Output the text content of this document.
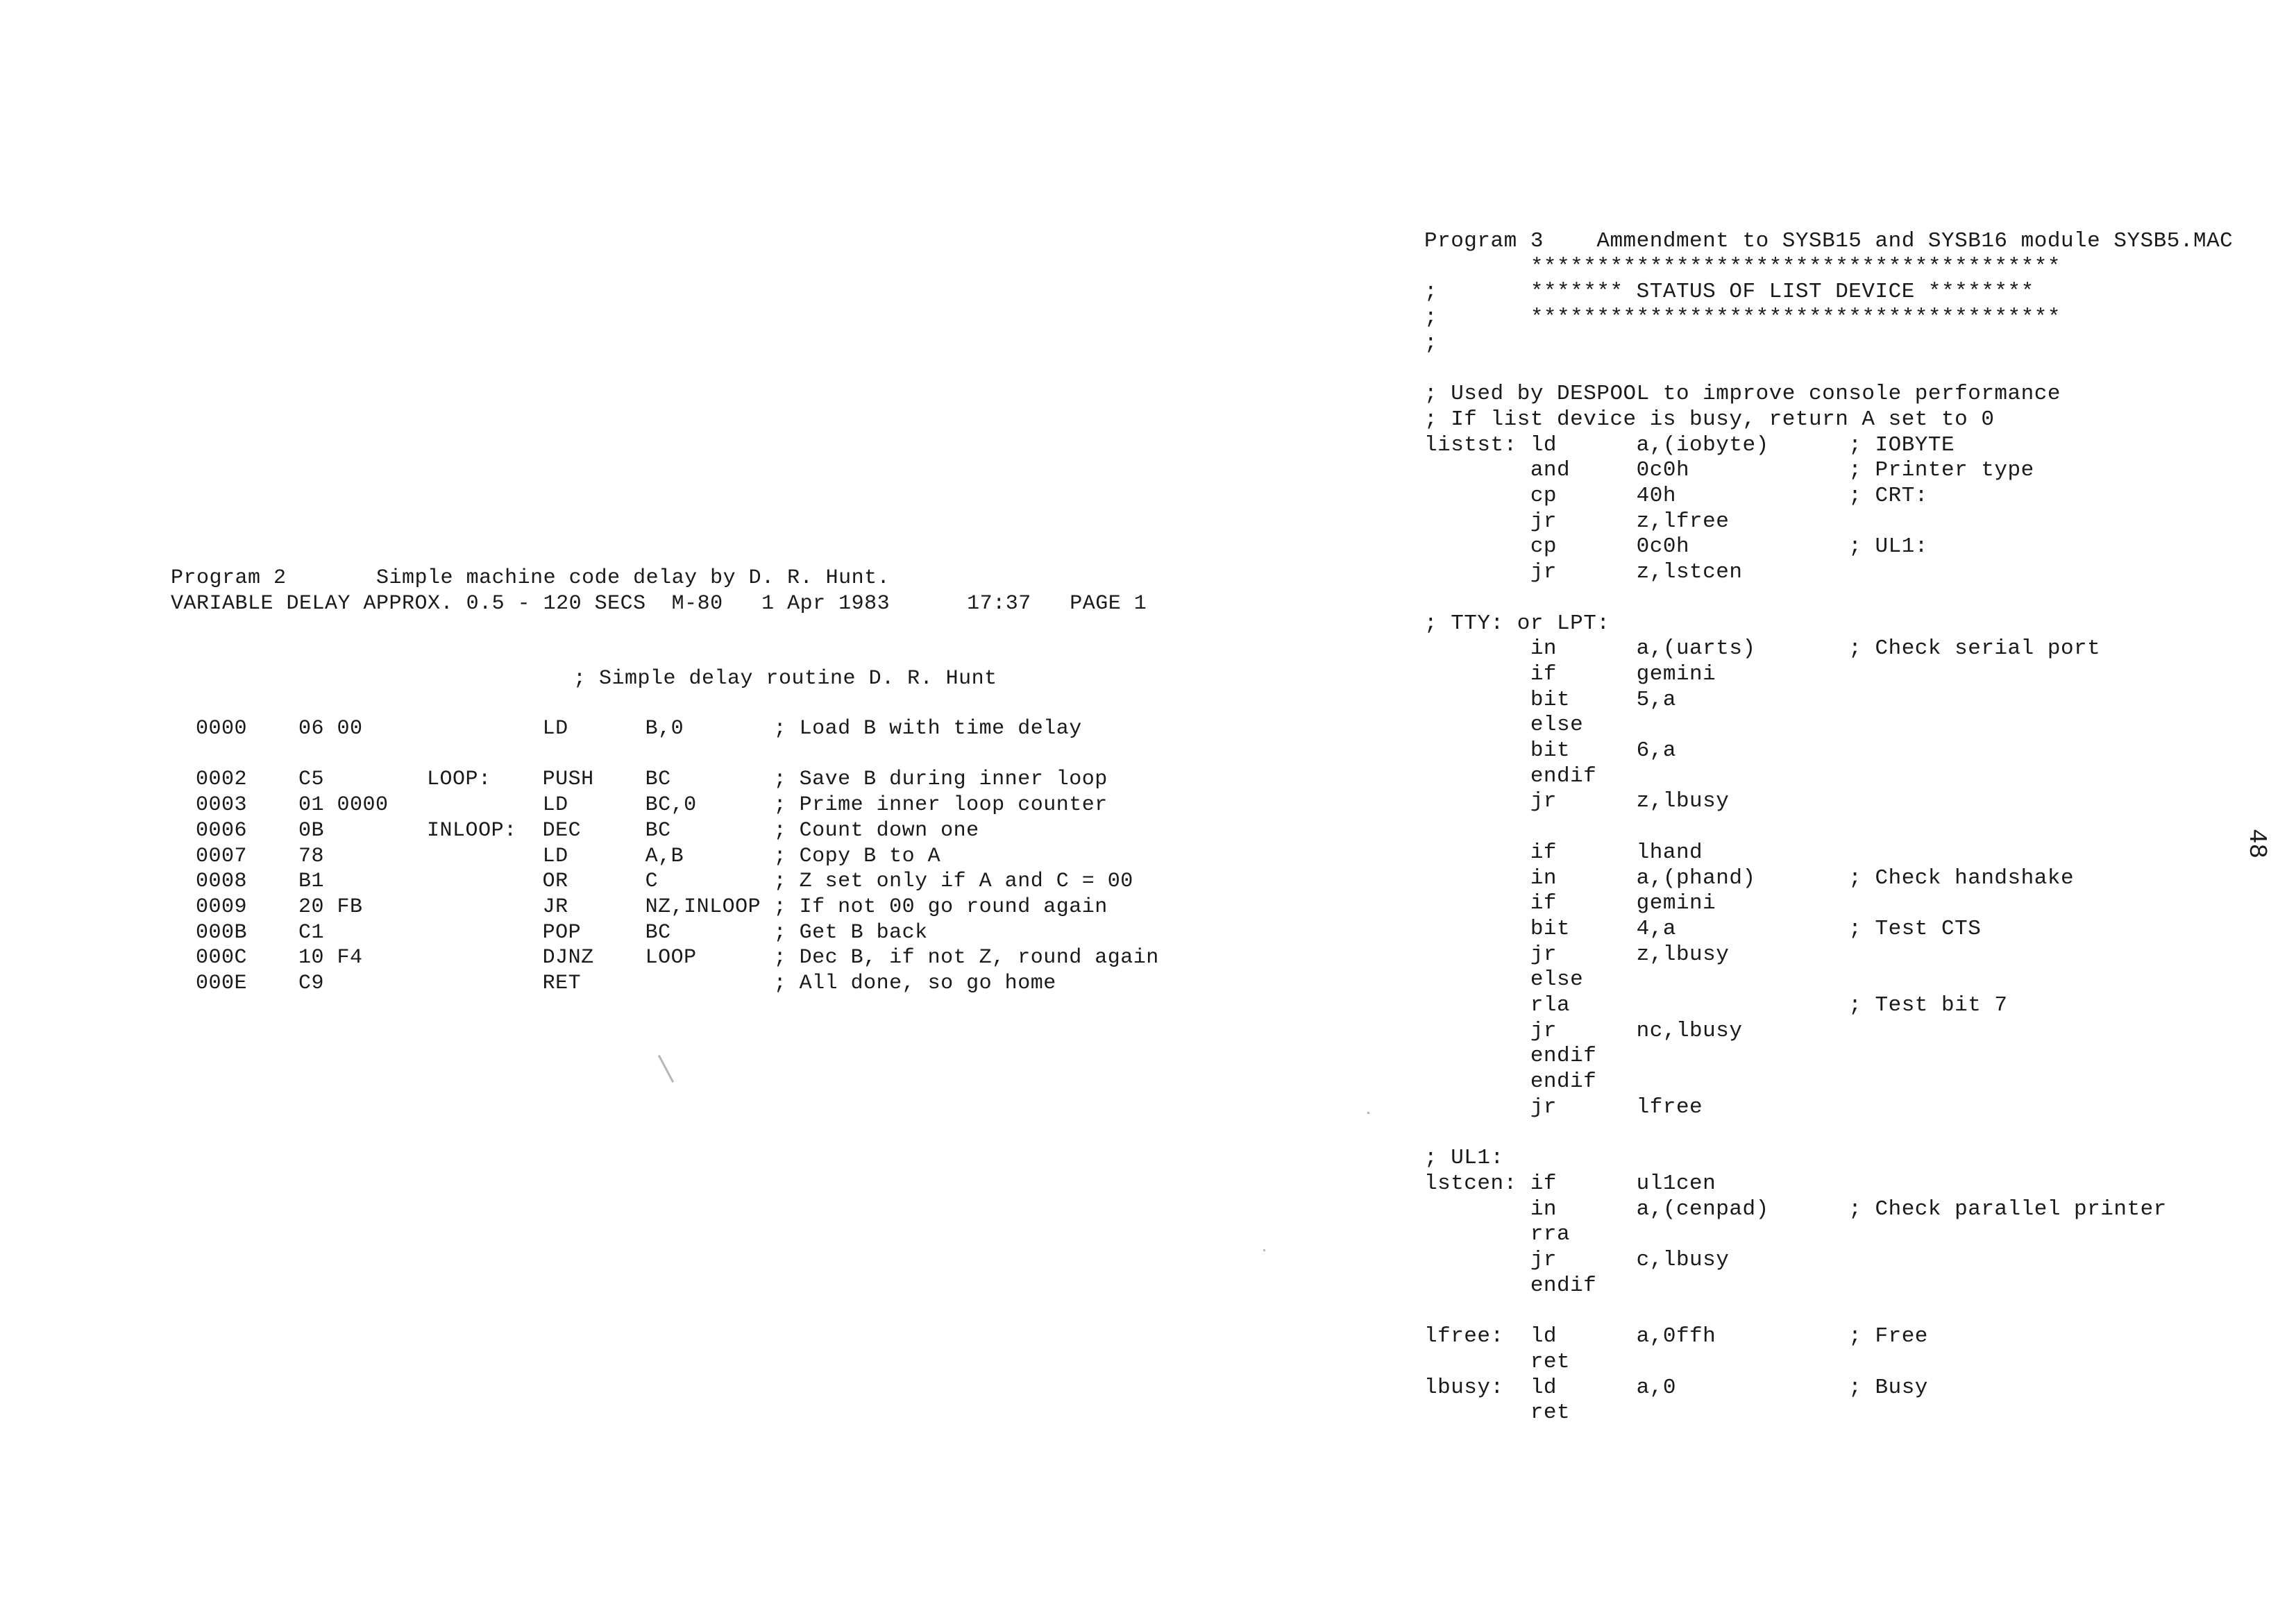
Program 2       Simple machine code delay by D. R. Hunt.
VARIABLE DELAY APPROX. 0.5 - 120 SECS  M-80   1 Apr 1983      17:37   PAGE 1
; Simple delay routine D. R. Hunt
0000    06 00              LD      B,0       ; Load B with time delay
0002    C5        LOOP:    PUSH    BC        ; Save B during inner loop
0003    01 0000            LD      BC,0      ; Prime inner loop counter
0006    0B        INLOOP:  DEC     BC        ; Count down one
0007    78                 LD      A,B       ; Copy B to A
0008    B1                 OR      C         ; Z set only if A and C = 00
0009    20 FB              JR      NZ,INLOOP ; If not 00 go round again
000B    C1                 POP     BC        ; Get B back
000C    10 F4              DJNZ    LOOP      ; Dec B, if not Z, round again
000E    C9                 RET               ; All done, so go home
Program 3    Ammendment to SYSB15 and SYSB16 module SYSB5.MAC
****************************************
;       ******* STATUS OF LIST DEVICE ********
;       ****************************************
;
; Used by DESPOOL to improve console performance
; If list device is busy, return A set to 0
listst: ld      a,(iobyte)      ; IOBYTE
and     0c0h            ; Printer type
cp      40h             ; CRT:
jr      z,lfree
cp      0c0h            ; UL1:
jr      z,lstcen
; TTY: or LPT:
in      a,(uarts)       ; Check serial port
if      gemini
bit     5,a
else
bit     6,a
endif
jr      z,lbusy
if      lhand
in      a,(phand)       ; Check handshake
if      gemini
bit     4,a             ; Test CTS
jr      z,lbusy
else
rla                     ; Test bit 7
jr      nc,lbusy
endif
endif
jr      lfree
; UL1:
lstcen: if      ul1cen
in      a,(cenpad)      ; Check parallel printer
rra
jr      c,lbusy
endif
lfree:  ld      a,0ffh          ; Free
ret
lbusy:  ld      a,0             ; Busy
ret
48
